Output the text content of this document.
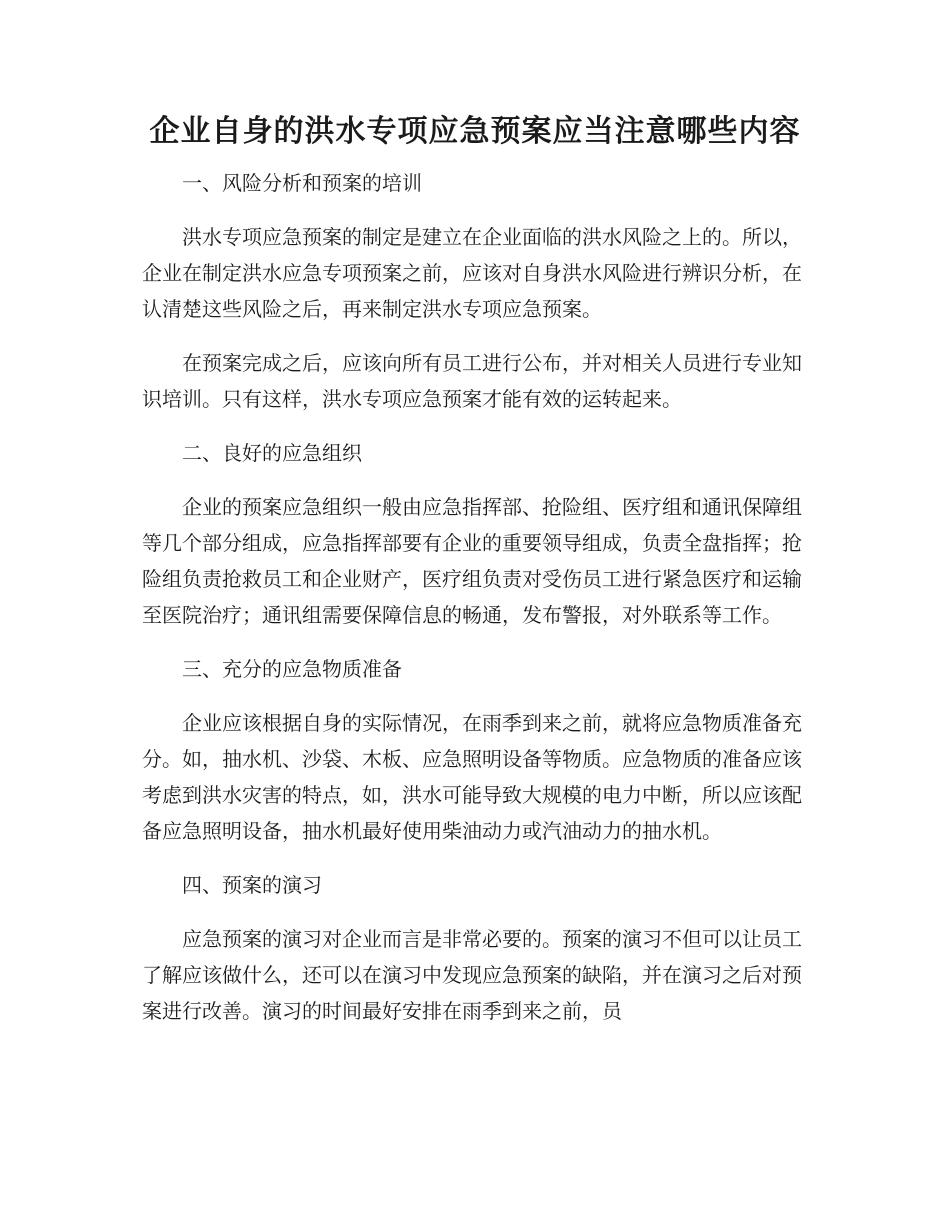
企业自身的洪水专项应急预案应当注意哪些内容

一、风险分析和预案的培训

洪水专项应急预案的制定是建立在企业面临的洪水风险之上的。所以，企业在制定洪水应急专项预案之前，应该对自身洪水风险进行辨识分析，在认清楚这些风险之后，再来制定洪水专项应急预案。

在预案完成之后，应该向所有员工进行公布，并对相关人员进行专业知识培训。只有这样，洪水专项应急预案才能有效的运转起来。

二、良好的应急组织

企业的预案应急组织一般由应急指挥部、抢险组、医疗组和通讯保障组等几个部分组成，应急指挥部要有企业的重要领导组成，负责全盘指挥；抢险组负责抢救员工和企业财产，医疗组负责对受伤员工进行紧急医疗和运输至医院治疗；通讯组需要保障信息的畅通，发布警报，对外联系等工作。

三、充分的应急物质准备

企业应该根据自身的实际情况，在雨季到来之前，就将应急物质准备充分。如，抽水机、沙袋、木板、应急照明设备等物质。应急物质的准备应该考虑到洪水灾害的特点，如，洪水可能导致大规模的电力中断，所以应该配备应急照明设备，抽水机最好使用柴油动力或汽油动力的抽水机。

四、预案的演习

应急预案的演习对企业而言是非常必要的。预案的演习不但可以让员工了解应该做什么，还可以在演习中发现应急预案的缺陷，并在演习之后对预案进行改善。演习的时间最好安排在雨季到来之前，员
